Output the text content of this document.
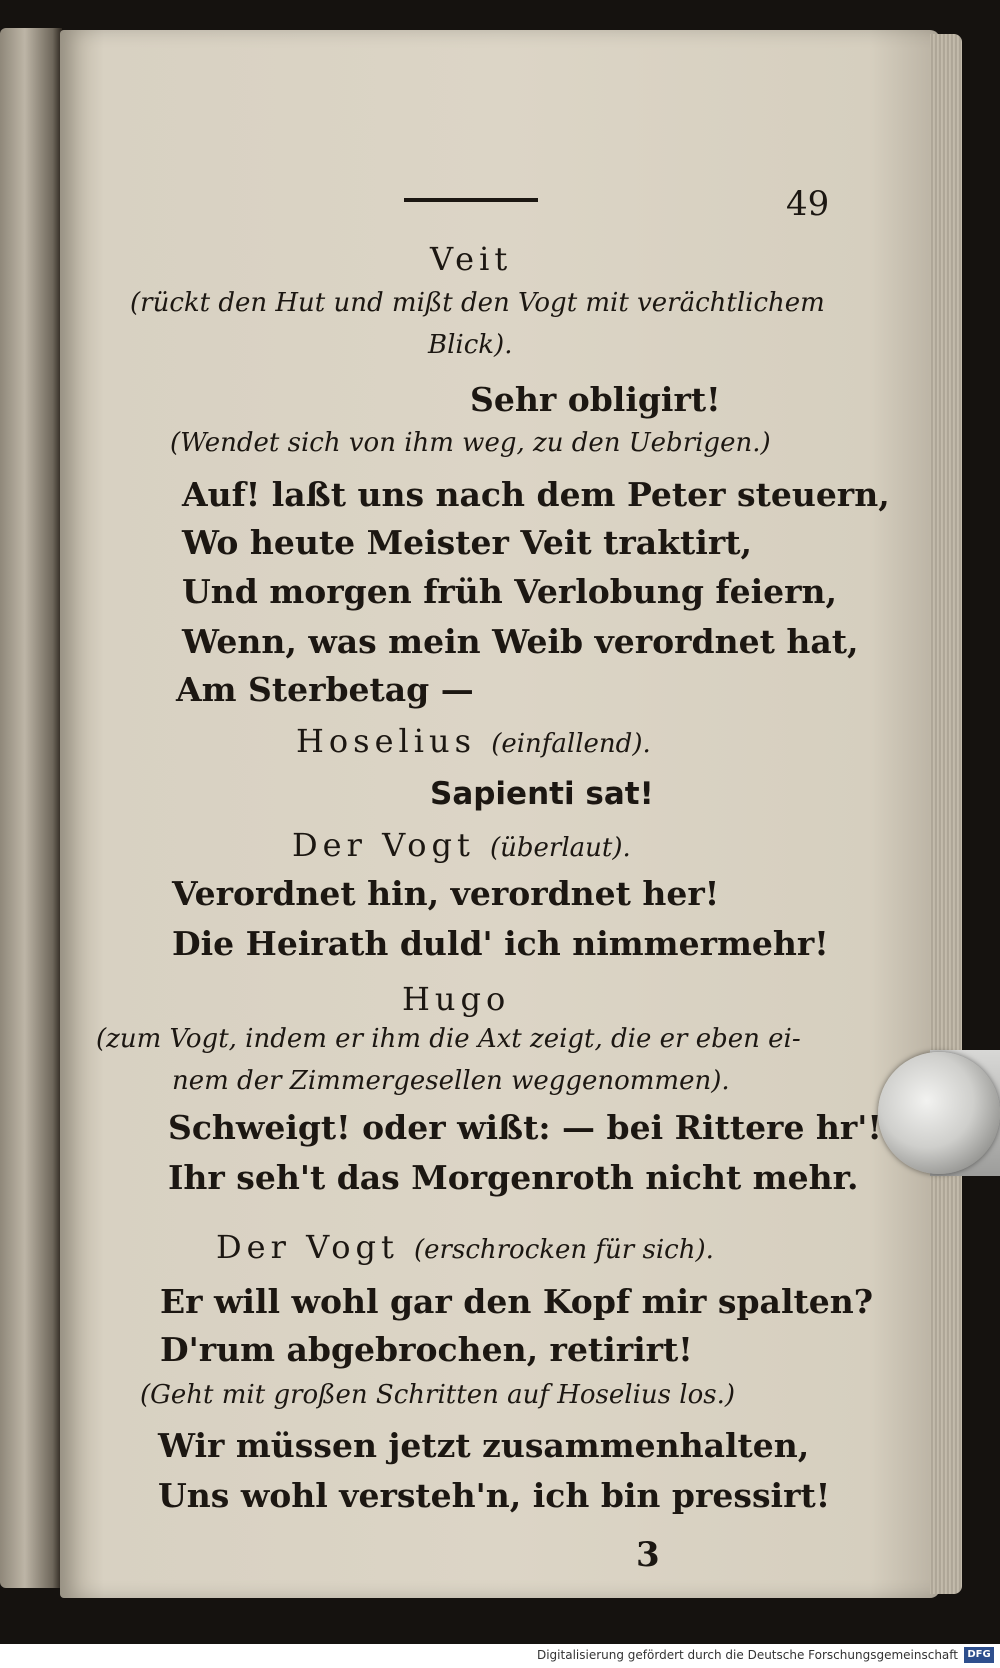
49
Veit
(rückt den Hut und mißt den Vogt mit verächtlichem
Blick).
Sehr obligirt!
(Wendet sich von ihm weg, zu den Uebrigen.)
Auf! laßt uns nach dem Peter steuern,
Wo heute Meister Veit traktirt,
Und morgen früh Verlobung feiern,
Wenn, was mein Weib verordnet hat,
Am Sterbetag —
Hoselius (einfallend).
Sapienti sat!
Der Vogt (überlaut).
Verordnet hin, verordnet her!
Die Heirath duld' ich nimmermehr!
Hugo
(zum Vogt, indem er ihm die Axt zeigt, die er eben ei-
nem der Zimmergesellen weggenommen).
Schweigt! oder wißt: — bei Rittere hr'!
Ihr seh't das Morgenroth nicht mehr.
Der Vogt (erschrocken für sich).
Er will wohl gar den Kopf mir spalten?
D'rum abgebrochen, retirirt!
(Geht mit großen Schritten auf Hoselius los.)
Wir müssen jetzt zusammenhalten,
Uns wohl versteh'n, ich bin pressirt!
3
Digitalisierung gefördert durch die Deutsche Forschungsgemeinschaft DFG
